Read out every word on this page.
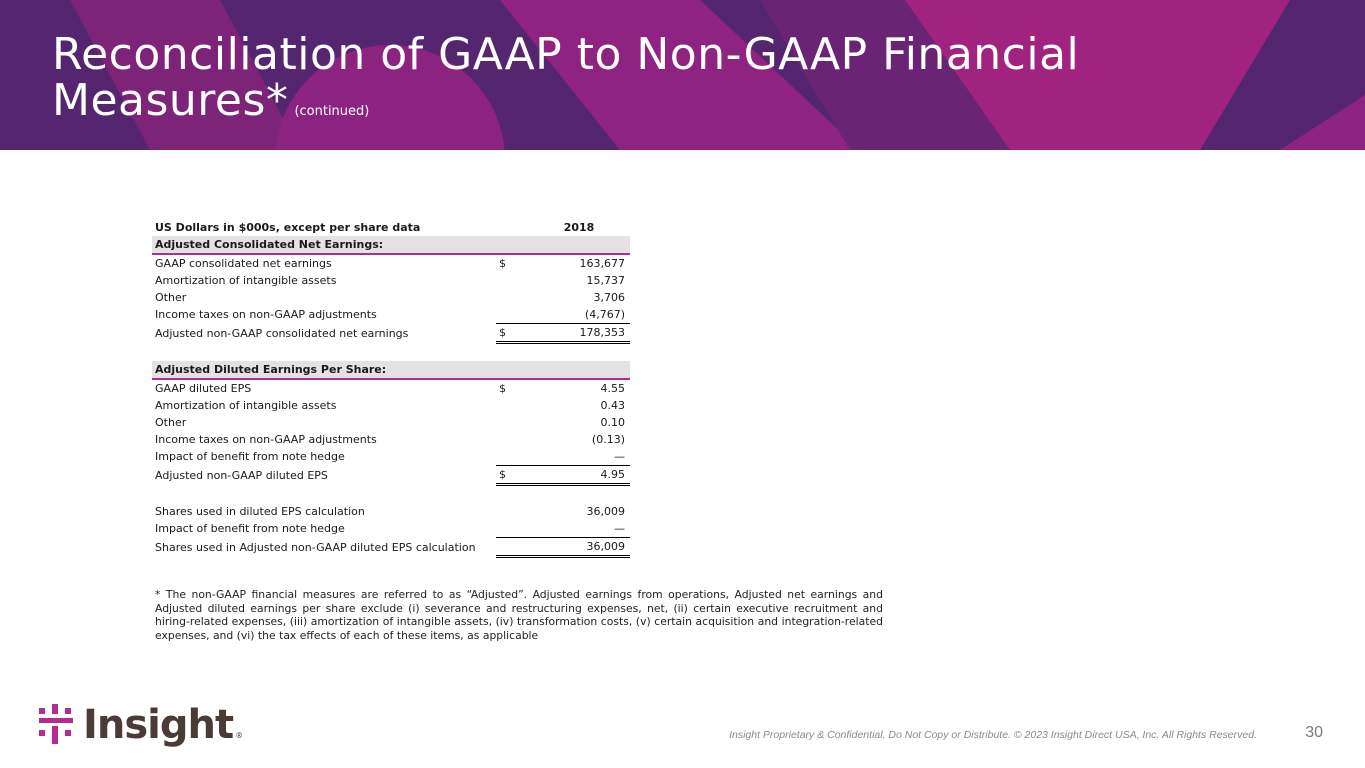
Reconciliation of GAAP to Non-GAAP Financial
Measures* (continued)
US Dollars in $000s, except per share data		2018
Adjusted Consolidated Net Earnings:		
GAAP consolidated net earnings	$	163,677
Amortization of intangible assets		15,737
Other		3,706
Income taxes on non-GAAP adjustments		(4,767)
Adjusted non-GAAP consolidated net earnings	$	178,353

Adjusted Diluted Earnings Per Share:		
GAAP diluted EPS	$	4.55
Amortization of intangible assets		0.43
Other		0.10
Income taxes on non-GAAP adjustments		(0.13)
Impact of benefit from note hedge		—
Adjusted non-GAAP diluted EPS	$	4.95

Shares used in diluted EPS calculation		36,009
Impact of benefit from note hedge		—
Shares used in Adjusted non-GAAP diluted EPS calculation		36,009
* The non-GAAP financial measures are referred to as “Adjusted”. Adjusted earnings from operations, Adjusted net earnings and Adjusted diluted earnings per share exclude (i) severance and restructuring expenses, net, (ii) certain executive recruitment and hiring-related expenses, (iii) amortization of intangible assets, (iv) transformation costs, (v) certain acquisition and integration-related expenses, and (vi) the tax effects of each of these items, as applicable
Insight ®	Insight Proprietary & Confidential. Do Not Copy or Distribute. © 2023 Insight Direct USA, Inc. All Rights Reserved.	30
